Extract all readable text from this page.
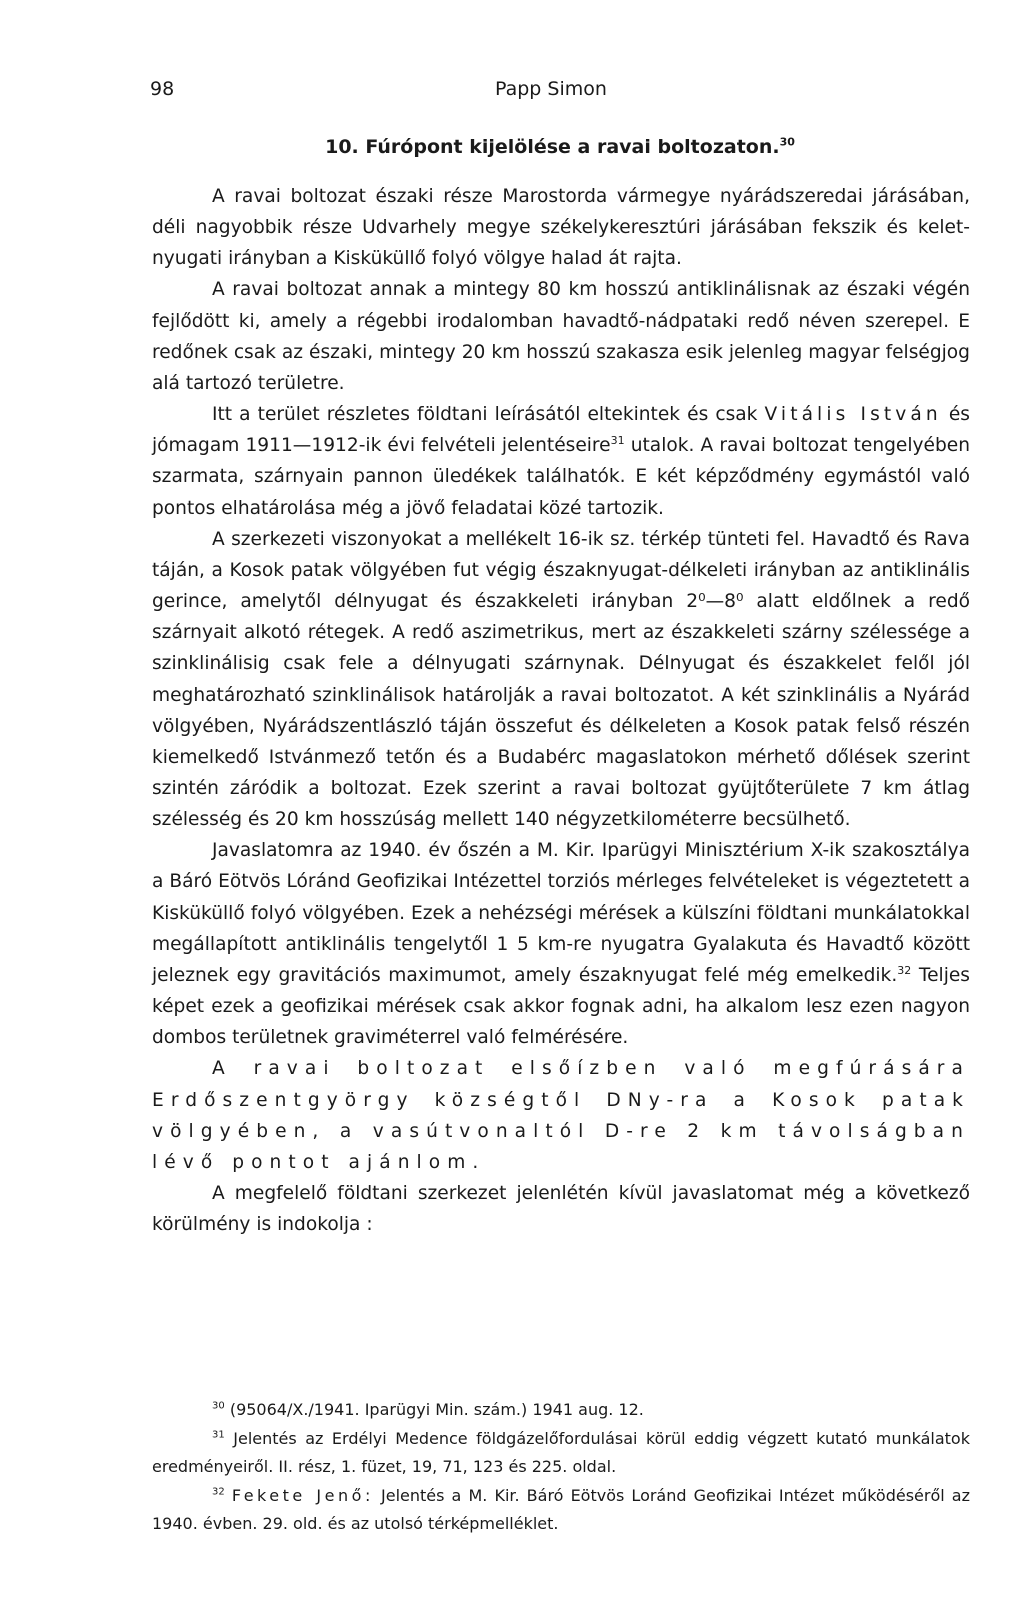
98	Papp Simon
10. Fúrópont kijelölése a ravai boltozaton.$^{30}$

A ravai boltozat északi része Marostorda vármegye nyárádszeredai járásában, déli nagyobbik része Udvarhely megye székelykeresztúri járásában fekszik és kelet-nyugati irányban a Kisküküllő folyó völgye halad át rajta.

A ravai boltozat annak a mintegy 80 km hosszú antiklinálisnak az északi végén fejlődött ki, amely a régebbi irodalomban havadtő-nádpataki redő néven szerepel. E redőnek csak az északi, mintegy 20 km hosszú szakasza esik jelenleg magyar felségjog alá tartozó területre.

Itt a terület részletes földtani leírásától eltekintek és csak Vitális István és jómagam 1911—1912-ik évi felvételi jelentéseire$^{31}$ utalok. A ravai boltozat tengelyében szarmata, szárnyain pannon üledékek találhatók. E két képződmény egymástól való pontos elhatárolása még a jövő feladatai közé tartozik.

A szerkezeti viszonyokat a mellékelt 16-ik sz. térkép tünteti fel. Havadtő és Rava táján, a Kosok patak völgyében fut végig északnyugat-délkeleti irányban az antiklinális gerince, amelytől délnyugat és északkeleti irányban 2⁰—8⁰ alatt eldőlnek a redő szárnyait alkotó rétegek. A redő aszimetrikus, mert az északkeleti szárny szélessége a szinklinálisig csak fele a délnyugati szárnynak. Délnyugat és északkelet felől jól meghatározható szinklinálisok határolják a ravai boltozatot. A két szinklinális a Nyárád völgyében, Nyárádszentlászló táján összefut és délkeleten a Kosok patak felső részén kiemelkedő Istvánmező tetőn és a Budabérc magaslatokon mérhető dőlések szerint szintén záródik a boltozat. Ezek szerint a ravai boltozat gyüjtőterülete 7 km átlag szélesség és 20 km hosszúság mellett 140 négyzetkilométerre becsülhető.

Javaslatomra az 1940. év őszén a M. Kir. Iparügyi Minisztérium X-ik szakosztálya a Báró Eötvös Lóránd Geofizikai Intézettel torziós mérleges felvételeket is végeztetett a Kisküküllő folyó völgyében. Ezek a nehézségi mérések a külszíni földtani munkálatokkal megállapított antiklinális tengelytől 1 5 km-re nyugatra Gyalakuta és Havadtő között jeleznek egy gravitációs maximumot, amely északnyugat felé még emelkedik.$^{32}$ Teljes képet ezek a geofizikai mérések csak akkor fognak adni, ha alkalom lesz ezen nagyon dombos területnek graviméterrel való felmérésére.

A ravai boltozat elsőízben való megfúrására Erdőszentgyörgy községtől DNy-ra a Kosok patak völgyében, a vasútvonaltól D-re 2 km távolságban lévő pontot ajánlom.

A megfelelő földtani szerkezet jelenlétén kívül javaslatomat még a következő körülmény is indokolja :

$^{30}$ (95064/X./1941. Iparügyi Min. szám.) 1941 aug. 12.

$^{31}$ Jelentés az Erdélyi Medence földgázelőfordulásai körül eddig végzett kutató munkálatok eredményeiről. II. rész, 1. füzet, 19, 71, 123 és 225. oldal.

$^{32}$ Fekete Jenő: Jelentés a M. Kir. Báró Eötvös Loránd Geofizikai Intézet működéséről az 1940. évben. 29. old. és az utolsó térképmelléklet.
